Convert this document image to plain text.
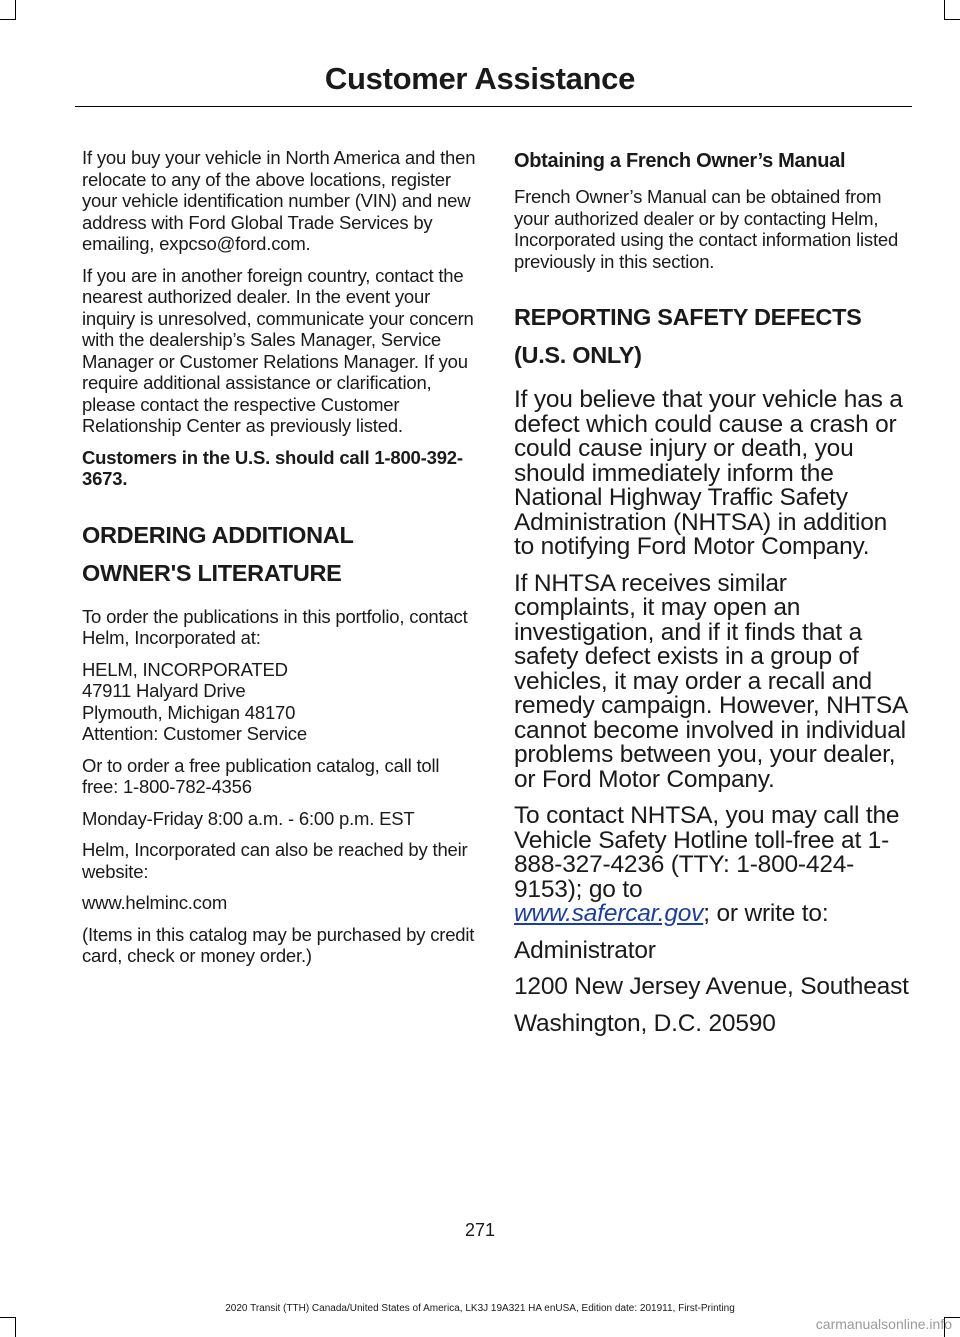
Customer Assistance

If you buy your vehicle in North America and then relocate to any of the above locations, register your vehicle identification number (VIN) and new address with Ford Global Trade Services by emailing, expcso@ford.com.

If you are in another foreign country, contact the nearest authorized dealer. In the event your inquiry is unresolved, communicate your concern with the dealership’s Sales Manager, Service Manager or Customer Relations Manager. If you require additional assistance or clarification, please contact the respective Customer Relationship Center as previously listed.

Customers in the U.S. should call 1-800-392-3673.

ORDERING ADDITIONAL
OWNER'S LITERATURE

To order the publications in this portfolio, contact Helm, Incorporated at:

HELM, INCORPORATED
47911 Halyard Drive
Plymouth, Michigan 48170
Attention: Customer Service

Or to order a free publication catalog, call toll free: 1-800-782-4356

Monday-Friday 8:00 a.m. - 6:00 p.m. EST

Helm, Incorporated can also be reached by their website:

www.helminc.com

(Items in this catalog may be purchased by credit card, check or money order.)

Obtaining a French Owner’s Manual

French Owner’s Manual can be obtained from your authorized dealer or by contacting Helm, Incorporated using the contact information listed previously in this section.

REPORTING SAFETY DEFECTS
(U.S. ONLY)

If you believe that your vehicle has a defect which could cause a crash or could cause injury or death, you should immediately inform the National Highway Traffic Safety Administration (NHTSA) in addition to notifying Ford Motor Company.

If NHTSA receives similar complaints, it may open an investigation, and if it finds that a safety defect exists in a group of vehicles, it may order a recall and remedy campaign. However, NHTSA cannot become involved in individual problems between you, your dealer, or Ford Motor Company.

To contact NHTSA, you may call the Vehicle Safety Hotline toll-free at 1-888-327-4236 (TTY: 1-800-424-9153); go to
www.safercar.gov; or write to:

Administrator

1200 New Jersey Avenue, Southeast

Washington, D.C. 20590

271
2020 Transit (TTH) Canada/United States of America, LK3J 19A321 HA enUSA, Edition date: 201911, First-Printing
carmanualsonline.info
